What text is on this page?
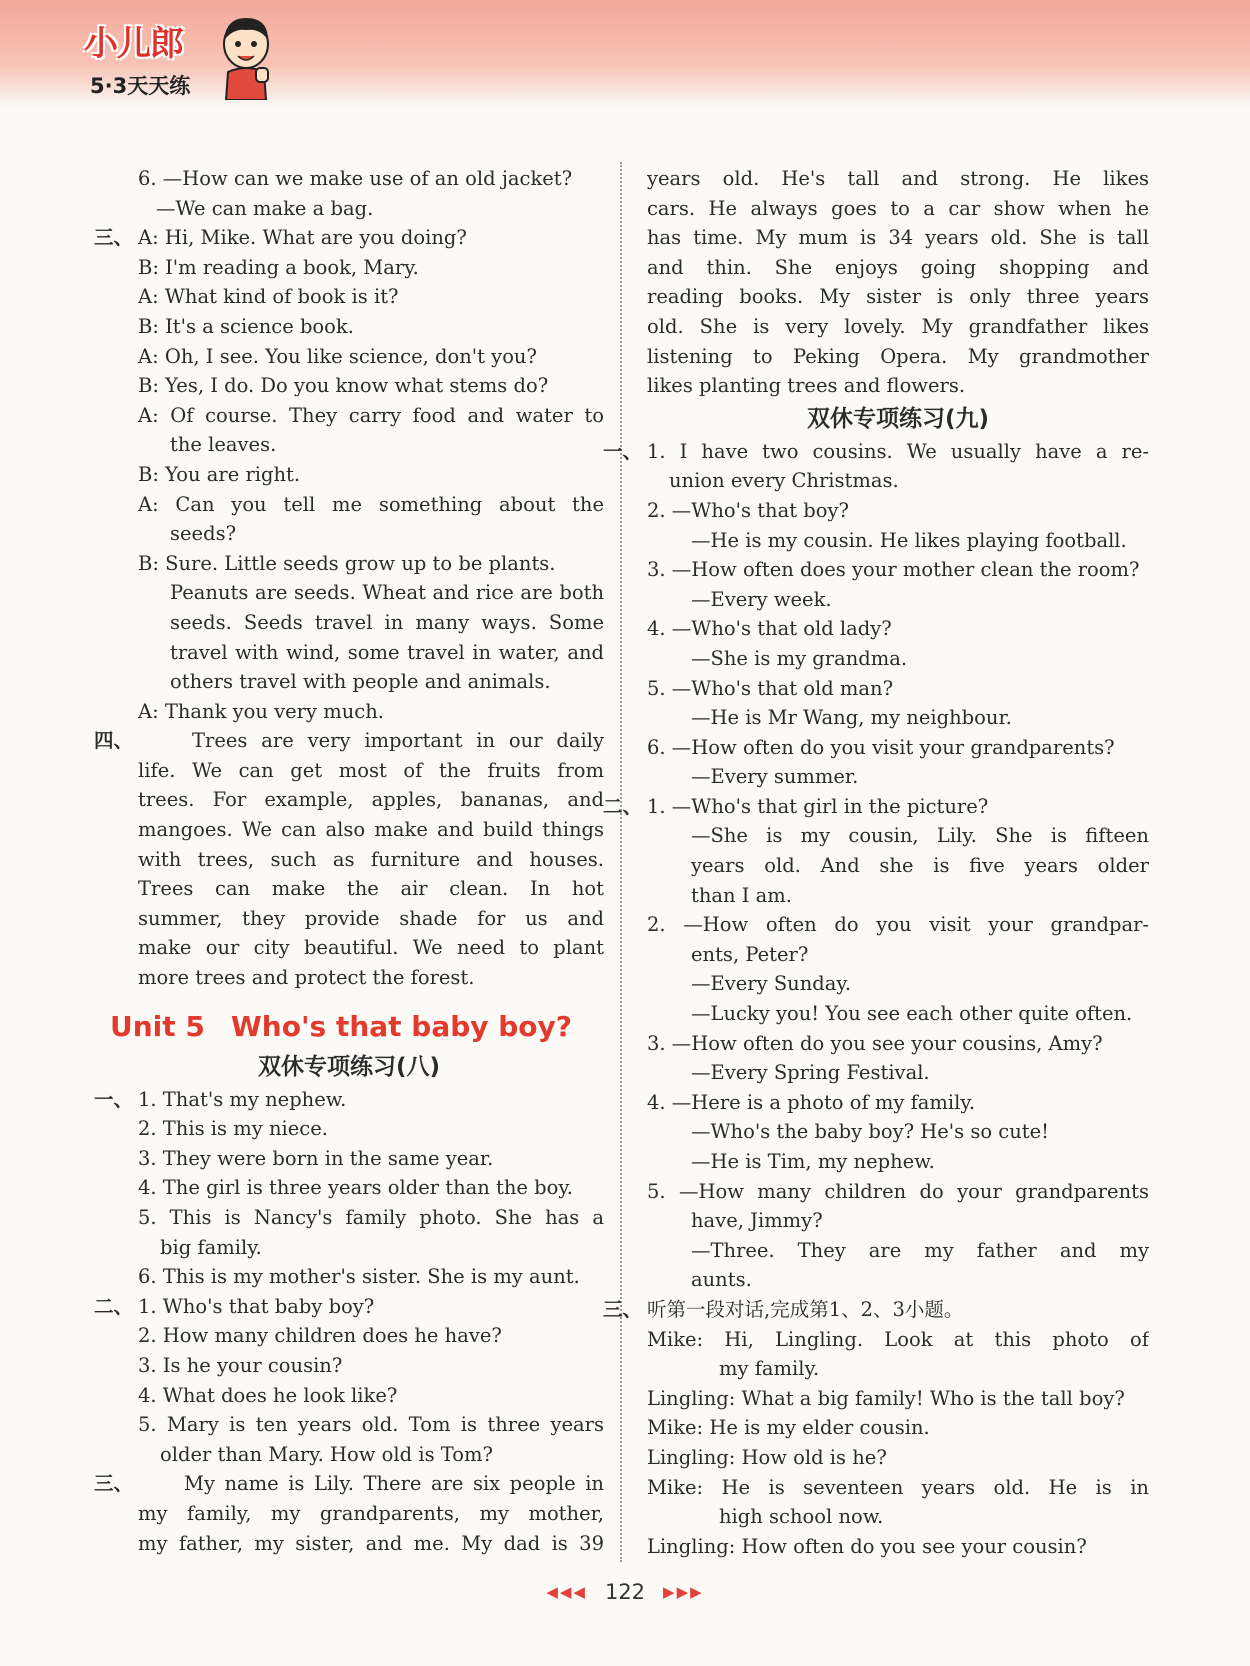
小儿郎
5·3天天练
6. —How can we make use of an old jacket?
—We can make a bag.
三、 A: Hi, Mike. What are you doing?
B: I'm reading a book, Mary.
A: What kind of book is it?
B: It's a science book.
A: Oh, I see. You like science, don't you?
B: Yes, I do. Do you know what stems do?
A: Of course. They carry food and water to
the leaves.
B: You are right.
A: Can you tell me something about the
seeds?
B: Sure. Little seeds grow up to be plants.
Peanuts are seeds. Wheat and rice are both
seeds. Seeds travel in many ways. Some
travel with wind, some travel in water, and
others travel with people and animals.
A: Thank you very much.
四、	Trees are very important in our daily
life. We can get most of the fruits from
trees. For example, apples, bananas, and
mangoes. We can also make and build things
with trees, such as furniture and houses.
Trees can make the air clean. In hot
summer, they provide shade for us and
make our city beautiful. We need to plant
more trees and protect the forest.
Unit 5 Who's that baby boy?
双休专项练习(八)
一、 1. That's my nephew.
2. This is my niece.
3. They were born in the same year.
4. The girl is three years older than the boy.
5. This is Nancy's family photo. She has a
big family.
6. This is my mother's sister. She is my aunt.
二、 1. Who's that baby boy?
2. How many children does he have?
3. Is he your cousin?
4. What does he look like?
5. Mary is ten years old. Tom is three years
older than Mary. How old is Tom?
三、	My name is Lily. There are six people in
my family, my grandparents, my mother,
my father, my sister, and me. My dad is 39
years old. He's tall and strong. He likes
cars. He always goes to a car show when he
has time. My mum is 34 years old. She is tall
and thin. She enjoys going shopping and
reading books. My sister is only three years
old. She is very lovely. My grandfather likes
listening to Peking Opera. My grandmother
likes planting trees and flowers.
双休专项练习(九)
一、 1. I have two cousins. We usually have a re-
union every Christmas.
2. —Who's that boy?
—He is my cousin. He likes playing football.
3. —How often does your mother clean the room?
—Every week.
4. —Who's that old lady?
—She is my grandma.
5. —Who's that old man?
—He is Mr Wang, my neighbour.
6. —How often do you visit your grandparents?
—Every summer.
二、 1. —Who's that girl in the picture?
—She is my cousin, Lily. She is fifteen
years old. And she is five years older
than I am.
2. —How often do you visit your grandpar-
ents, Peter?
—Every Sunday.
—Lucky you! You see each other quite often.
3. —How often do you see your cousins, Amy?
—Every Spring Festival.
4. —Here is a photo of my family.
—Who's the baby boy? He's so cute!
—He is Tim, my nephew.
5. —How many children do your grandparents
have, Jimmy?
—Three. They are my father and my
aunts.
三、 听第一段对话,完成第1、2、3小题。
Mike: Hi, Lingling. Look at this photo of
my family.
Lingling: What a big family! Who is the tall boy?
Mike: He is my elder cousin.
Lingling: How old is he?
Mike: He is seventeen years old. He is in
high school now.
Lingling: How often do you see your cousin?
◀◀◀ 122 ▶▶▶
